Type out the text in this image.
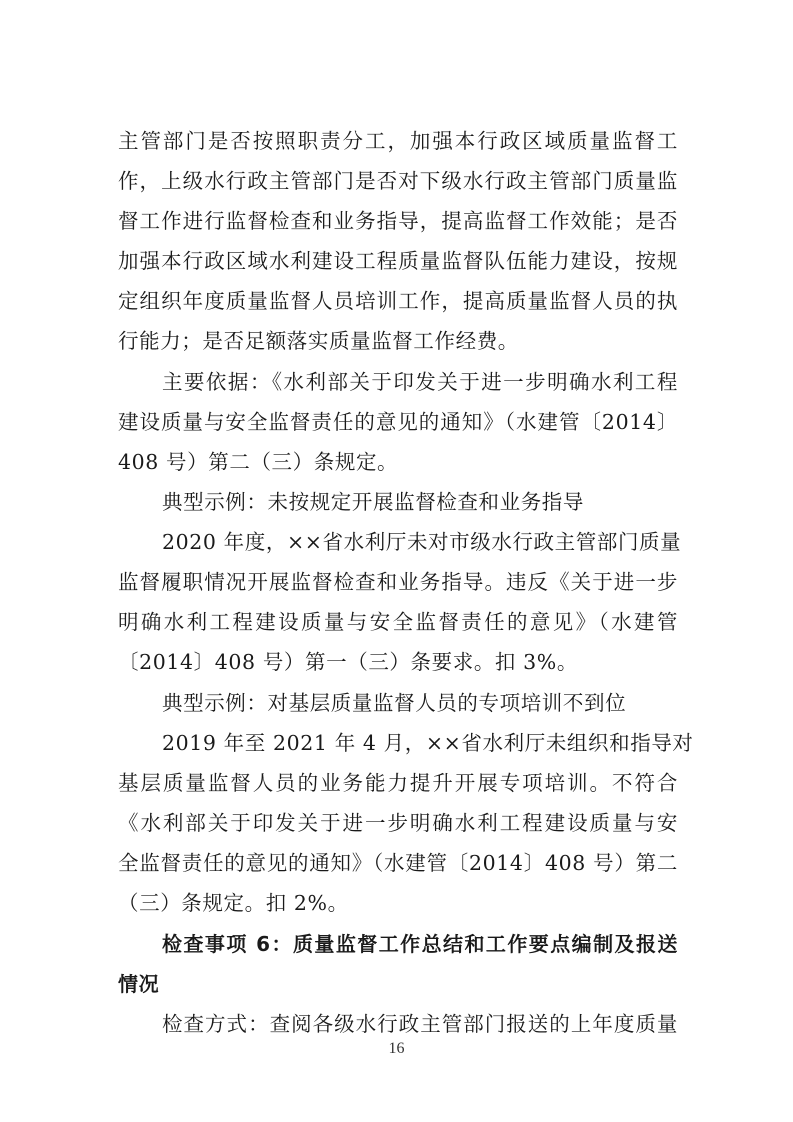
主管部门是否按照职责分工，加强本行政区域质量监督工
作，上级水行政主管部门是否对下级水行政主管部门质量监
督工作进行监督检查和业务指导，提高监督工作效能；是否
加强本行政区域水利建设工程质量监督队伍能力建设，按规
定组织年度质量监督人员培训工作，提高质量监督人员的执
行能力；是否足额落实质量监督工作经费。
主要依据：《水利部关于印发关于进一步明确水利工程
建设质量与安全监督责任的意见的通知》（水建管〔2014〕
408 号）第二（三）条规定。
典型示例：未按规定开展监督检查和业务指导
2020 年度，××省水利厅未对市级水行政主管部门质量
监督履职情况开展监督检查和业务指导。违反《关于进一步
明确水利工程建设质量与安全监督责任的意见》（水建管
〔2014〕408 号）第一（三）条要求。扣 3%。
典型示例：对基层质量监督人员的专项培训不到位
2019 年至 2021 年 4 月，××省水利厅未组织和指导对
基层质量监督人员的业务能力提升开展专项培训。不符合
《水利部关于印发关于进一步明确水利工程建设质量与安
全监督责任的意见的通知》（水建管〔2014〕408 号）第二
（三）条规定。扣 2%。
检查事项 6：质量监督工作总结和工作要点编制及报送
情况
检查方式：查阅各级水行政主管部门报送的上年度质量
16
